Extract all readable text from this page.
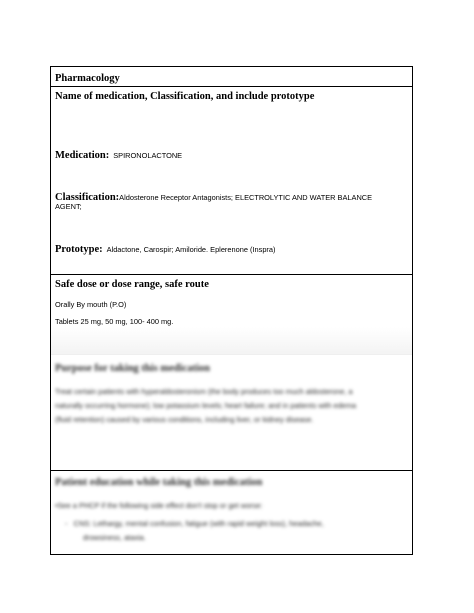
Pharmacology
Name of medication, Classification, and include prototype
Medication: SPIRONOLACTONE
Classification:Aldosterone Receptor Antagonists; ELECTROLYTIC AND WATER BALANCE
AGENT;
Prototype: Aldactone, Carospir; Amiloride. Eplerenone (Inspra)
Safe dose or dose range, safe route
Orally By mouth (P.O)
Tablets 25 mg, 50 mg, 100- 400 mg.
Purpose for taking this medication
Treat certain patients with hyperaldosteronism (the body produces too much aldosterone, a
naturally occurring hormone); low potassium levels; heart failure; and in patients with edema
(fluid retention) caused by various conditions, including liver, or kidney disease.
Patient education while taking this medication
•See a PHCP if the following side effect don't stop or get worse:
-   CNS: Lethargy, mental confusion, fatigue (with rapid weight loss), headache,
drowsiness, ataxia.
